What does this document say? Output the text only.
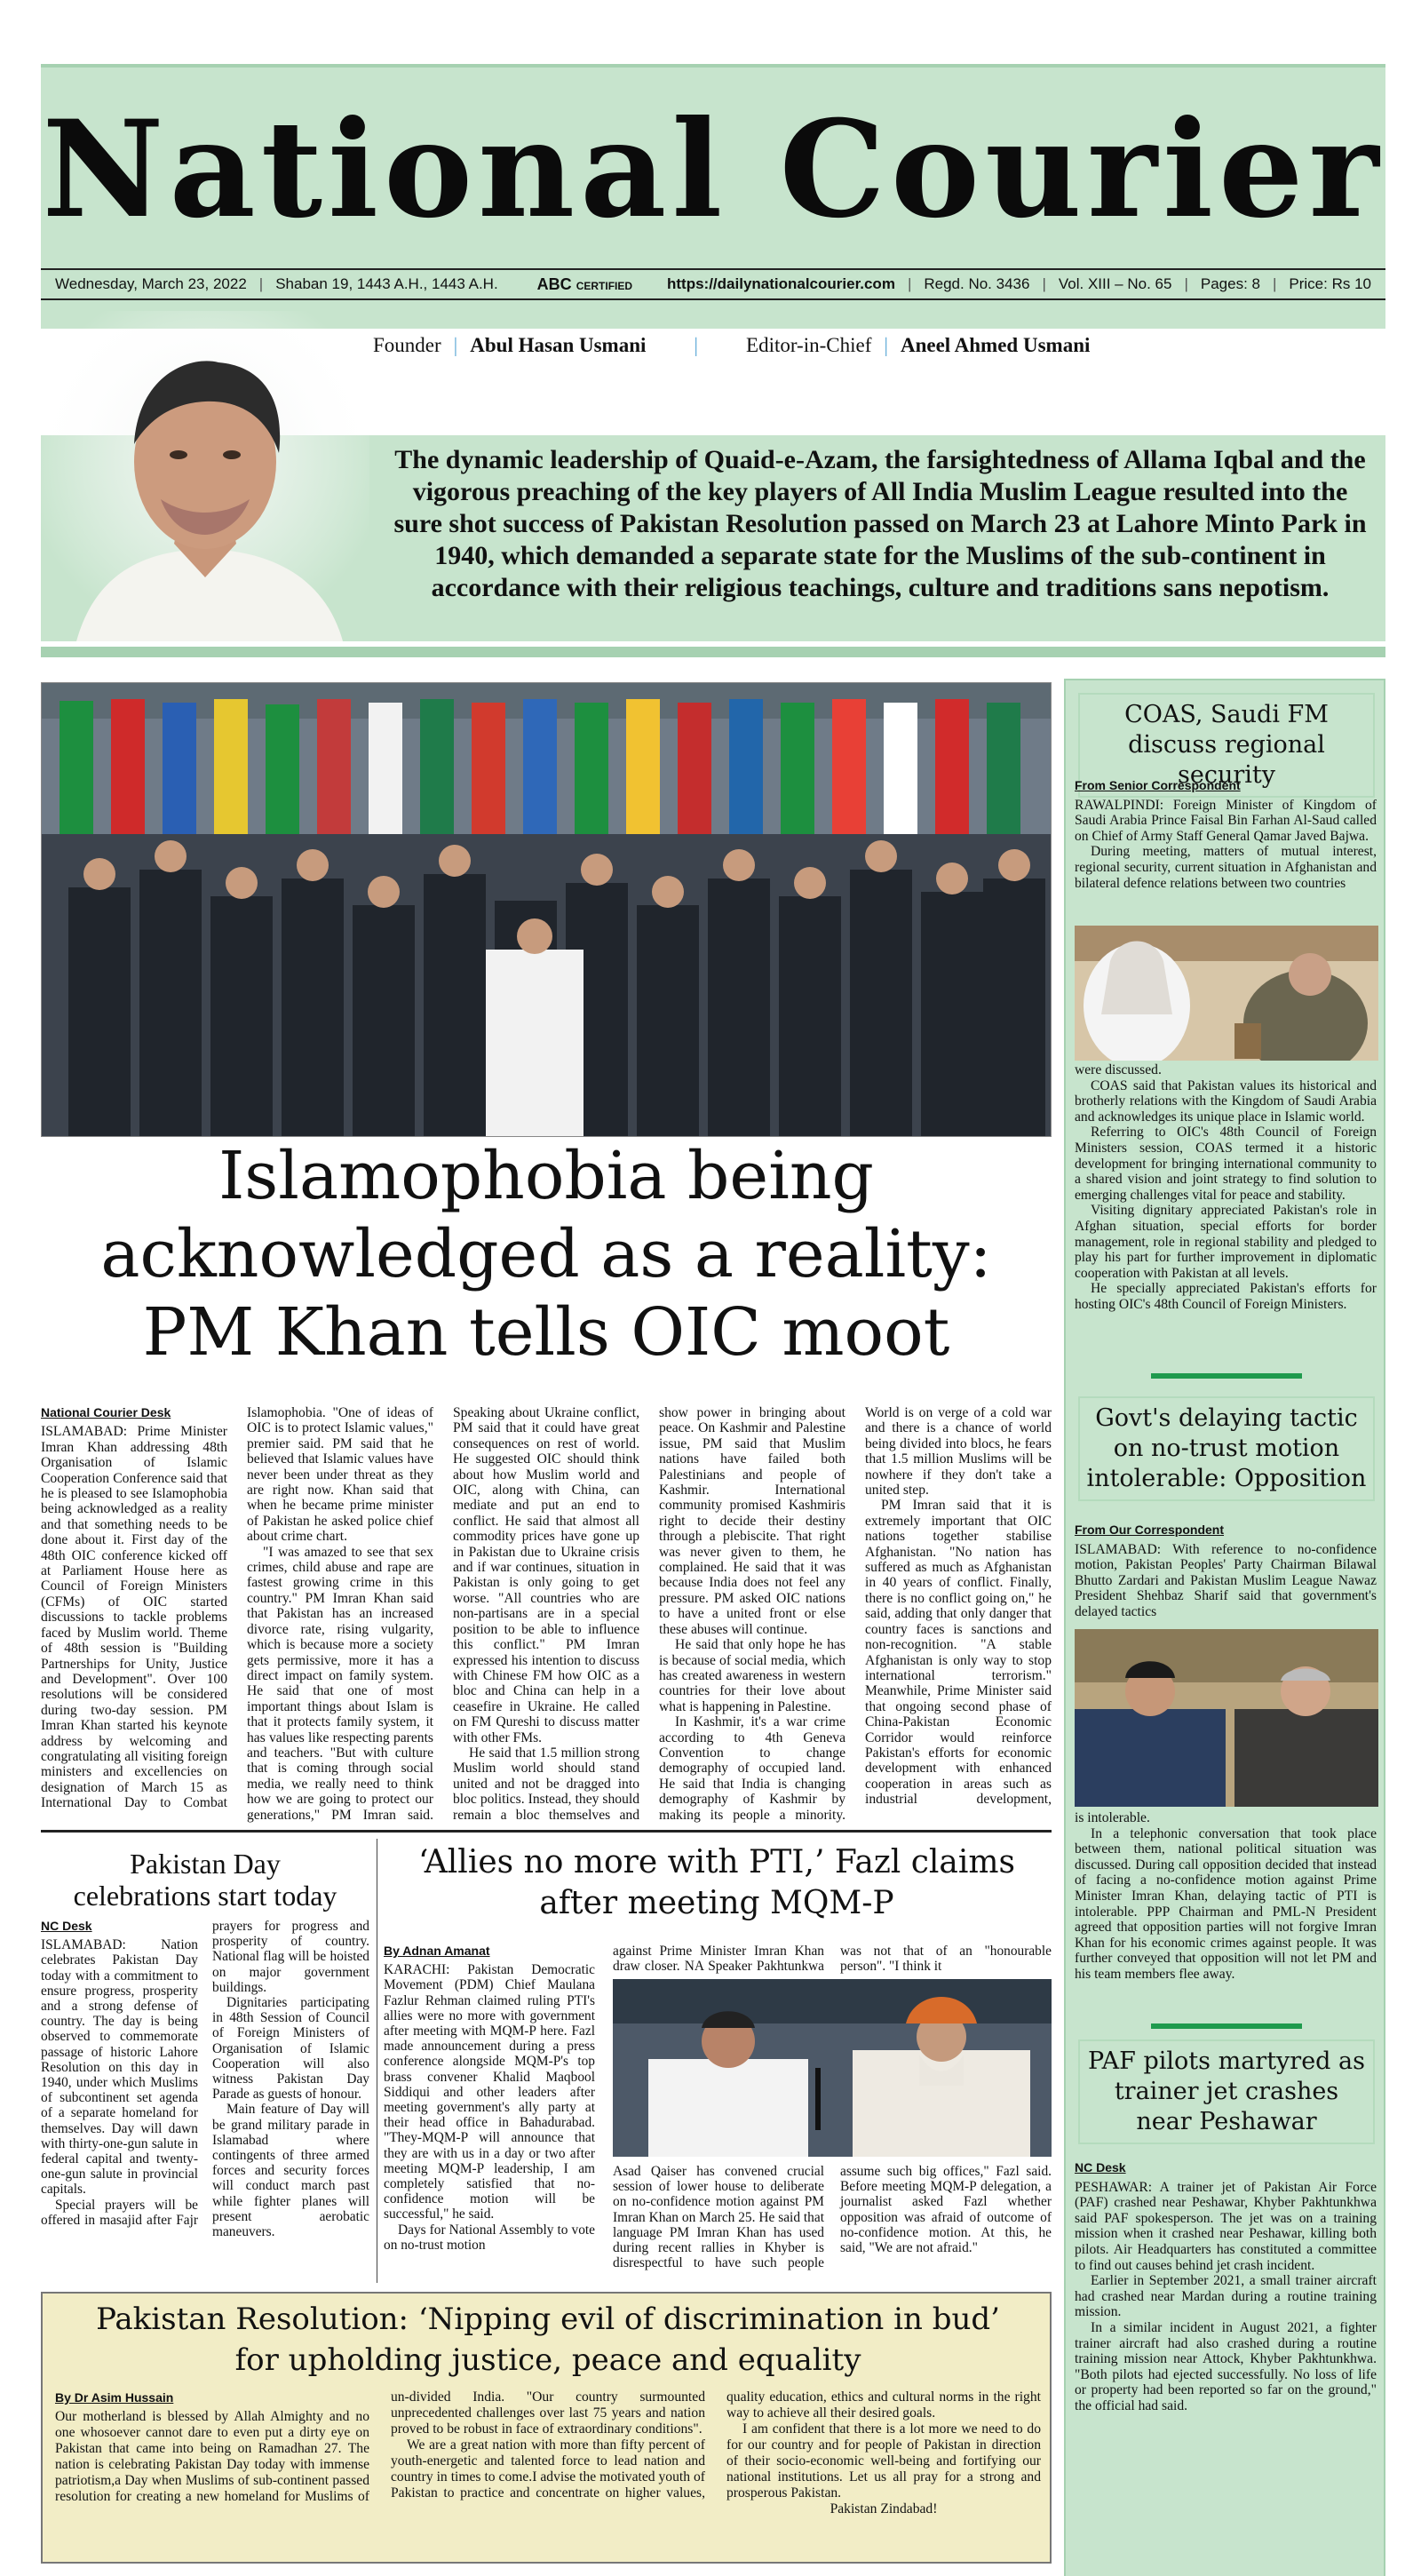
National Courier
Wednesday, March 23, 2022 | Shaban 19, 1443 A.H., 1443 A.H. ABC CERTIFIED https://dailynationalcourier.com | Regd. No. 3436 | Vol. XIII – No. 65 | Pages: 8 | Price: Rs 10
Founder | Abul Hasan Usmani | Editor-in-Chief | Aneel Ahmed Usmani
The dynamic leadership of Quaid-e-Azam, the farsightedness of Allama Iqbal and the vigorous preaching of the key players of All India Muslim League resulted into the sure shot success of Pakistan Resolution passed on March 23 at Lahore Minto Park in 1940, which demanded a separate state for the Muslims of the sub-continent in accordance with their religious teachings, culture and traditions sans nepotism.
Islamophobia being
acknowledged as a reality:
PM Khan tells OIC moot
National Courier Desk

ISLAMABAD: Prime Minister Imran Khan addressing 48th Organisation of Islamic Cooperation Conference said that he is pleased to see Islamophobia being acknowledged as a reality and that something needs to be done about it. First day of the 48th OIC conference kicked off at Parliament House here as Council of Foreign Ministers (CFMs) of OIC started discussions to tackle problems faced by Muslim world. Theme of 48th session is "Building Partnerships for Unity, Justice and Development". Over 100 resolutions will be considered during two-day session. PM Imran Khan started his keynote address by welcoming and congratulating all visiting foreign ministers and excellencies on designation of March 15 as International Day to Combat Islamophobia. "One of ideas of OIC is to protect Islamic values," premier said. PM said that he believed that Islamic values have never been under threat as they are right now. Khan said that when he became prime minister of Pakistan he asked police chief about crime chart.

"I was amazed to see that sex crimes, child abuse and rape are fastest growing crime in this country." PM Imran Khan said that Pakistan has an increased divorce rate, rising vulgarity, which is because more a society gets permissive, more it has a direct impact on family system. He said that one of most important things about Islam is that it protects family system, it has values like respecting parents and teachers. "But with culture that is coming through social media, we really need to think how we are going to protect our generations," PM Imran said. Speaking about Ukraine conflict, PM said that it could have great consequences on rest of world. He suggested OIC should think about how Muslim world and OIC, along with China, can mediate and put an end to conflict. He said that almost all commodity prices have gone up in Pakistan due to Ukraine crisis and if war continues, situation in Pakistan is only going to get worse. "All countries who are non-partisans are in a special position to be able to influence this conflict." PM Imran expressed his intention to discuss with Chinese FM how OIC as a bloc and China can help in a ceasefire in Ukraine. He called on FM Qureshi to discuss matter with other FMs.

He said that 1.5 million strong Muslim world should stand united and not be dragged into bloc politics. Instead, they should remain a bloc themselves and show power in bringing about peace. On Kashmir and Palestine issue, PM said that Muslim nations have failed both Palestinians and people of Kashmir. International community promised Kashmiris right to decide their destiny through a plebiscite. That right was never given to them, he complained. He said that it was because India does not feel any pressure. PM asked OIC nations to have a united front or else these abuses will continue.

He said that only hope he has is because of social media, which has created awareness in western countries for their love about what is happening in Palestine.

In Kashmir, it's a war crime according to 4th Geneva Convention to change demography of occupied land. He said that India is changing demography of Kashmir by making its people a minority. World is on verge of a cold war and there is a chance of world being divided into blocs, he fears that 1.5 million Muslims will be nowhere if they don't take a united step.

PM Imran said that it is extremely important that OIC nations together stabilise Afghanistan. "No nation has suffered as much as Afghanistan in 40 years of conflict. Finally, there is no conflict going on," he said, adding that only danger that country faces is sanctions and non-recognition. "A stable Afghanistan is only way to stop international terrorism." Meanwhile, Prime Minister said that ongoing second phase of China-Pakistan Economic Corridor would reinforce Pakistan's efforts for economic development with enhanced cooperation in areas such as industrial development,

COAS, Saudi FM discuss regional security
From Senior Correspondent

RAWALPINDI: Foreign Minister of Kingdom of Saudi Arabia Prince Faisal Bin Farhan Al-Saud called on Chief of Army Staff General Qamar Javed Bajwa.

During meeting, matters of mutual interest, regional security, current situation in Afghanistan and bilateral defence relations between two countries

were discussed.

COAS said that Pakistan values its historical and brotherly relations with the Kingdom of Saudi Arabia and acknowledges its unique place in Islamic world.

Referring to OIC's 48th Council of Foreign Ministers session, COAS termed it a historic development for bringing international community to a shared vision and joint strategy to find solution to emerging challenges vital for peace and stability.

Visiting dignitary appreciated Pakistan's role in Afghan situation, special efforts for border management, role in regional stability and pledged to play his part for further improvement in diplomatic cooperation with Pakistan at all levels.

He specially appreciated Pakistan's efforts for hosting OIC's 48th Council of Foreign Ministers.

Govt's delaying tactic on no-trust motion intolerable: Opposition
From Our Correspondent

ISLAMABAD: With reference to no-confidence motion, Pakistan Peoples' Party Chairman Bilawal Bhutto Zardari and Pakistan Muslim League Nawaz President Shehbaz Sharif said that government's delayed tactics

is intolerable.

In a telephonic conversation that took place between them, national political situation was discussed. During call opposition decided that instead of facing a no-confidence motion against Prime Minister Imran Khan, delaying tactic of PTI is intolerable. PPP Chairman and PML-N President agreed that opposition parties will not forgive Imran Khan for his economic crimes against people. It was further conveyed that opposition will not let PM and his team members flee away.

PAF pilots martyred as trainer jet crashes near Peshawar
NC Desk

PESHAWAR: A trainer jet of Pakistan Air Force (PAF) crashed near Peshawar, Khyber Pakhtunkhwa said PAF spokesperson. The jet was on a training mission when it crashed near Peshawar, killing both pilots. Air Headquarters has constituted a committee to find out causes behind jet crash incident.

Earlier in September 2021, a small trainer aircraft had crashed near Mardan during a routine training mission.

In a similar incident in August 2021, a fighter trainer aircraft had also crashed during a routine training mission near Attock, Khyber Pakhtunkhwa. "Both pilots had ejected successfully. No loss of life or property had been reported so far on the ground," the official had said.

Pakistan Day
celebrations start today
NC Desk

ISLAMABAD: Nation celebrates Pakistan Day today with a commitment to ensure progress, prosperity and a strong defense of country. The day is being observed to commemorate passage of historic Lahore Resolution on this day in 1940, under which Muslims of subcontinent set agenda of a separate homeland for themselves. Day will dawn with thirty-one-gun salute in federal capital and twenty-one-gun salute in provincial capitals.

Special prayers will be offered in masajid after Fajr prayers for progress and prosperity of country. National flag will be hoisted on major government buildings.

Dignitaries participating in 48th Session of Council of Foreign Ministers of Organisation of Islamic Cooperation will also witness Pakistan Day Parade as guests of honour.

Main feature of Day will be grand military parade in Islamabad where contingents of three armed forces and security forces will conduct march past while fighter planes will present aerobatic maneuvers.

‘Allies no more with PTI,’ Fazl claims
after meeting MQM-P
By Adnan Amanat

KARACHI: Pakistan Democratic Movement (PDM) Chief Maulana Fazlur Rehman claimed ruling PTI's allies were no more with government after meeting with MQM-P here. Fazl made announcement during a press conference alongside MQM-P's top brass convener Khalid Maqbool Siddiqui and other leaders after meeting government's ally party at their head office in Bahadurabad. "They-MQM-P will announce that they are with us in a day or two after meeting MQM-P leadership, I am completely satisfied that no-confidence motion will be successful," he said.

Days for National Assembly to vote on no-trust motion

against Prime Minister Imran Khan draw closer. NA Speaker Pakhtunkwa was not that of an "honourable person". "I think it
Asad Qaiser has convened crucial session of lower house to deliberate on no-confidence motion against PM Imran Khan on March 25. He said that language PM Imran Khan has used during recent rallies in Khyber is disrespectful to have such people assume such big offices," Fazl said. Before meeting MQM-P delegation, a journalist asked Fazl whether opposition was afraid of outcome of no-confidence motion. At this, he said, "We are not afraid."
Pakistan Resolution: ‘Nipping evil of discrimination in bud’
for upholding justice, peace and equality
By Dr Asim Hussain

Our motherland is blessed by Allah Almighty and no one whosoever cannot dare to even put a dirty eye on Pakistan that came into being on Ramadhan 27. The nation is celebrating Pakistan Day today with immense patriotism,a Day when Muslims of sub-continent passed resolution for creating a new homeland for Muslims of un-divided India. "Our country surmounted unprecedented challenges over last 75 years and nation proved to be robust in face of extraordinary conditions".

We are a great nation with more than fifty percent of youth-energetic and talented force to lead nation and country in times to come.I advise the motivated youth of Pakistan to practice and concentrate on higher values, quality education, ethics and cultural norms in the right way to achieve all their desired goals.

I am confident that there is a lot more we need to do for our country and for people of Pakistan in direction of their socio-economic well-being and fortifying our national institutions. Let us all pray for a strong and prosperous Pakistan.

Pakistan Zindabad!
